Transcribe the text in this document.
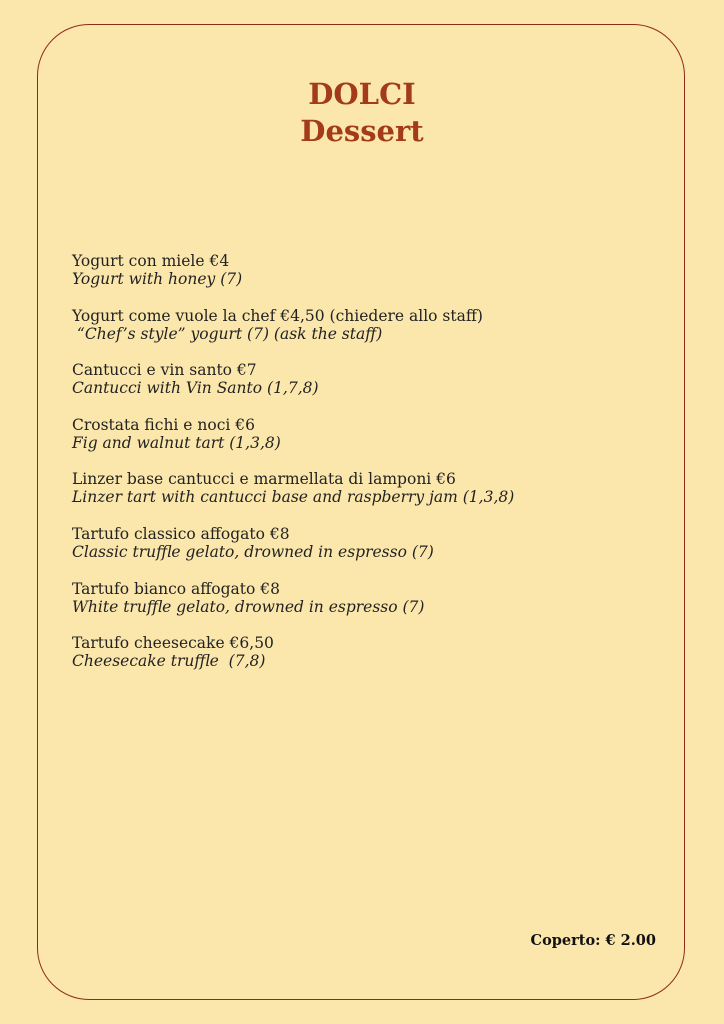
DOLCI
Dessert
Yogurt con miele €4
Yogurt with honey (7)
Yogurt come vuole la chef €4,50 (chiedere allo staff)
“Chef’s style” yogurt (7) (ask the staff)
Cantucci e vin santo €7
Cantucci with Vin Santo (1,7,8)
Crostata fichi e noci €6
Fig and walnut tart (1,3,8)
Linzer base cantucci e marmellata di lamponi €6
Linzer tart with cantucci base and raspberry jam (1,3,8)
Tartufo classico affogato €8
Classic truffle gelato, drowned in espresso (7)
Tartufo bianco affogato €8
White truffle gelato, drowned in espresso (7)
Tartufo cheesecake €6,50
Cheesecake truffle  (7,8)
Coperto: € 2.00
